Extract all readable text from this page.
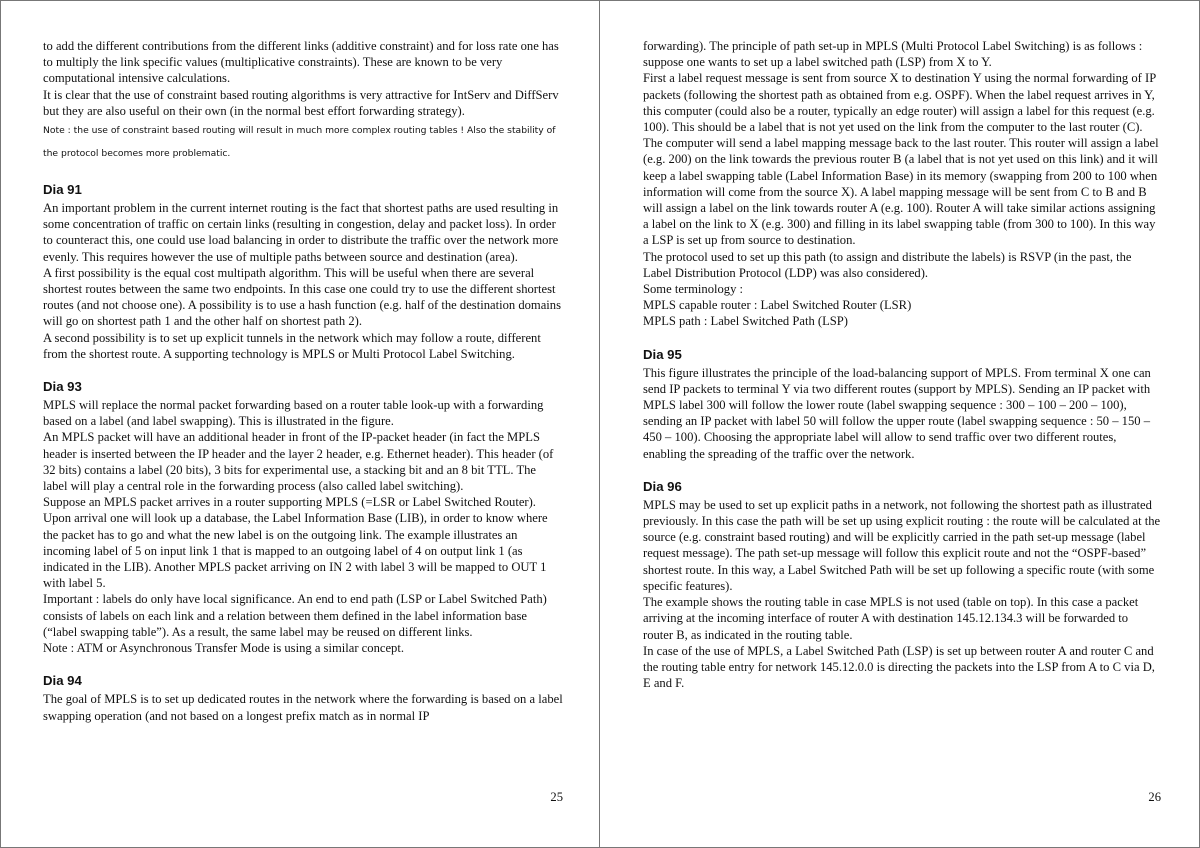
to add the different contributions from the different links (additive constraint) and for loss rate one has to multiply the link specific values (multiplicative constraints). These are known to be very computational intensive calculations.

It is clear that the use of constraint based routing algorithms is very attractive for IntServ and DiffServ but they are also useful on their own (in the normal best effort forwarding strategy).

Note : the use of constraint based routing will result in much more complex routing tables ! Also the stability of the protocol becomes more problematic.

Dia 91

An important problem in the current internet routing is the fact that shortest paths are used resulting in some concentration of traffic on certain links (resulting in congestion, delay and packet loss). In order to counteract this, one could use load balancing in order to distribute the traffic over the network more evenly. This requires however the use of multiple paths between source and destination (area).

A first possibility is the equal cost multipath algorithm. This will be useful when there are several shortest routes between the same two endpoints. In this case one could try to use the different shortest routes (and not choose one). A possibility is to use a hash function (e.g. half of the destination domains will go on shortest path 1 and the other half on shortest path 2).

A second possibility is to set up explicit tunnels in the network which may follow a route, different from the shortest route. A supporting technology is MPLS or Multi Protocol Label Switching.

Dia 93

MPLS will replace the normal packet forwarding based on a router table look-up with a forwarding based on a label (and label swapping). This is illustrated in the figure.

An MPLS packet will have an additional header in front of the IP-packet header (in fact the MPLS header is inserted between the IP header and the layer 2 header, e.g. Ethernet header). This header (of 32 bits) contains a label (20 bits), 3 bits for experimental use, a stacking bit and an 8 bit TTL. The label will play a central role in the forwarding process (also called label switching).

Suppose an MPLS packet arrives in a router supporting MPLS (=LSR or Label Switched Router). Upon arrival one will look up a database, the Label Information Base (LIB), in order to know where the packet has to go and what the new label is on the outgoing link. The example illustrates an incoming label of 5 on input link 1 that is mapped to an outgoing label of 4 on output link 1 (as indicated in the LIB). Another MPLS packet arriving on IN 2 with label 3 will be mapped to OUT 1 with label 5.

Important : labels do only have local significance. An end to end path (LSP or Label Switched Path) consists of labels on each link and a relation between them defined in the label information base (“label swapping table”). As a result, the same label may be reused on different links.

Note : ATM or Asynchronous Transfer Mode is using a similar concept.

Dia 94

The goal of MPLS is to set up dedicated routes in the network where the forwarding is based on a label swapping operation (and not based on a longest prefix match as in normal IP

25

forwarding). The principle of path set-up in MPLS (Multi Protocol Label Switching) is as follows : suppose one wants to set up a label switched path (LSP) from X to Y.

First a label request message is sent from source X to destination Y using the normal forwarding of IP packets (following the shortest path as obtained from e.g. OSPF). When the label request arrives in Y, this computer (could also be a router, typically an edge router) will assign a label for this request (e.g. 100). This should be a label that is not yet used on the link from the computer to the last router (C). The computer will send a label mapping message back to the last router. This router will assign a label (e.g. 200) on the link towards the previous router B (a label that is not yet used on this link) and it will keep a label swapping table (Label Information Base) in its memory (swapping from 200 to 100 when information will come from the source X). A label mapping message will be sent from C to B and B will assign a label on the link towards router A (e.g. 100). Router A will take similar actions assigning a label on the link to X (e.g. 300) and filling in its label swapping table (from 300 to 100). In this way a LSP is set up from source to destination.

The protocol used to set up this path (to assign and distribute the labels) is RSVP (in the past, the Label Distribution Protocol (LDP) was also considered).

Some terminology :

MPLS capable router : Label Switched Router (LSR)

MPLS path : Label Switched Path (LSP)

Dia 95

This figure illustrates the principle of the load-balancing support of MPLS. From terminal X one can send IP packets to terminal Y via two different routes (support by MPLS). Sending an IP packet with MPLS label 300 will follow the lower route (label swapping sequence : 300 – 100 – 200 – 100), sending an IP packet with label 50 will follow the upper route (label swapping sequence : 50 – 150 – 450 – 100). Choosing the appropriate label will allow to send traffic over two different routes, enabling the spreading of the traffic over the network.

Dia 96

MPLS may be used to set up explicit paths in a network, not following the shortest path as illustrated previously. In this case the path will be set up using explicit routing : the route will be calculated at the source (e.g. constraint based routing) and will be explicitly carried in the path set-up message (label request message). The path set-up message will follow this explicit route and not the “OSPF-based” shortest route. In this way, a Label Switched Path will be set up following a specific route (with some specific features).

The example shows the routing table in case MPLS is not used (table on top). In this case a packet arriving at the incoming interface of router A with destination 145.12.134.3 will be forwarded to router B, as indicated in the routing table.

In case of the use of MPLS, a Label Switched Path (LSP) is set up between router A and router C and the routing table entry for network 145.12.0.0 is directing the packets into the LSP from A to C via D, E and F.

26
